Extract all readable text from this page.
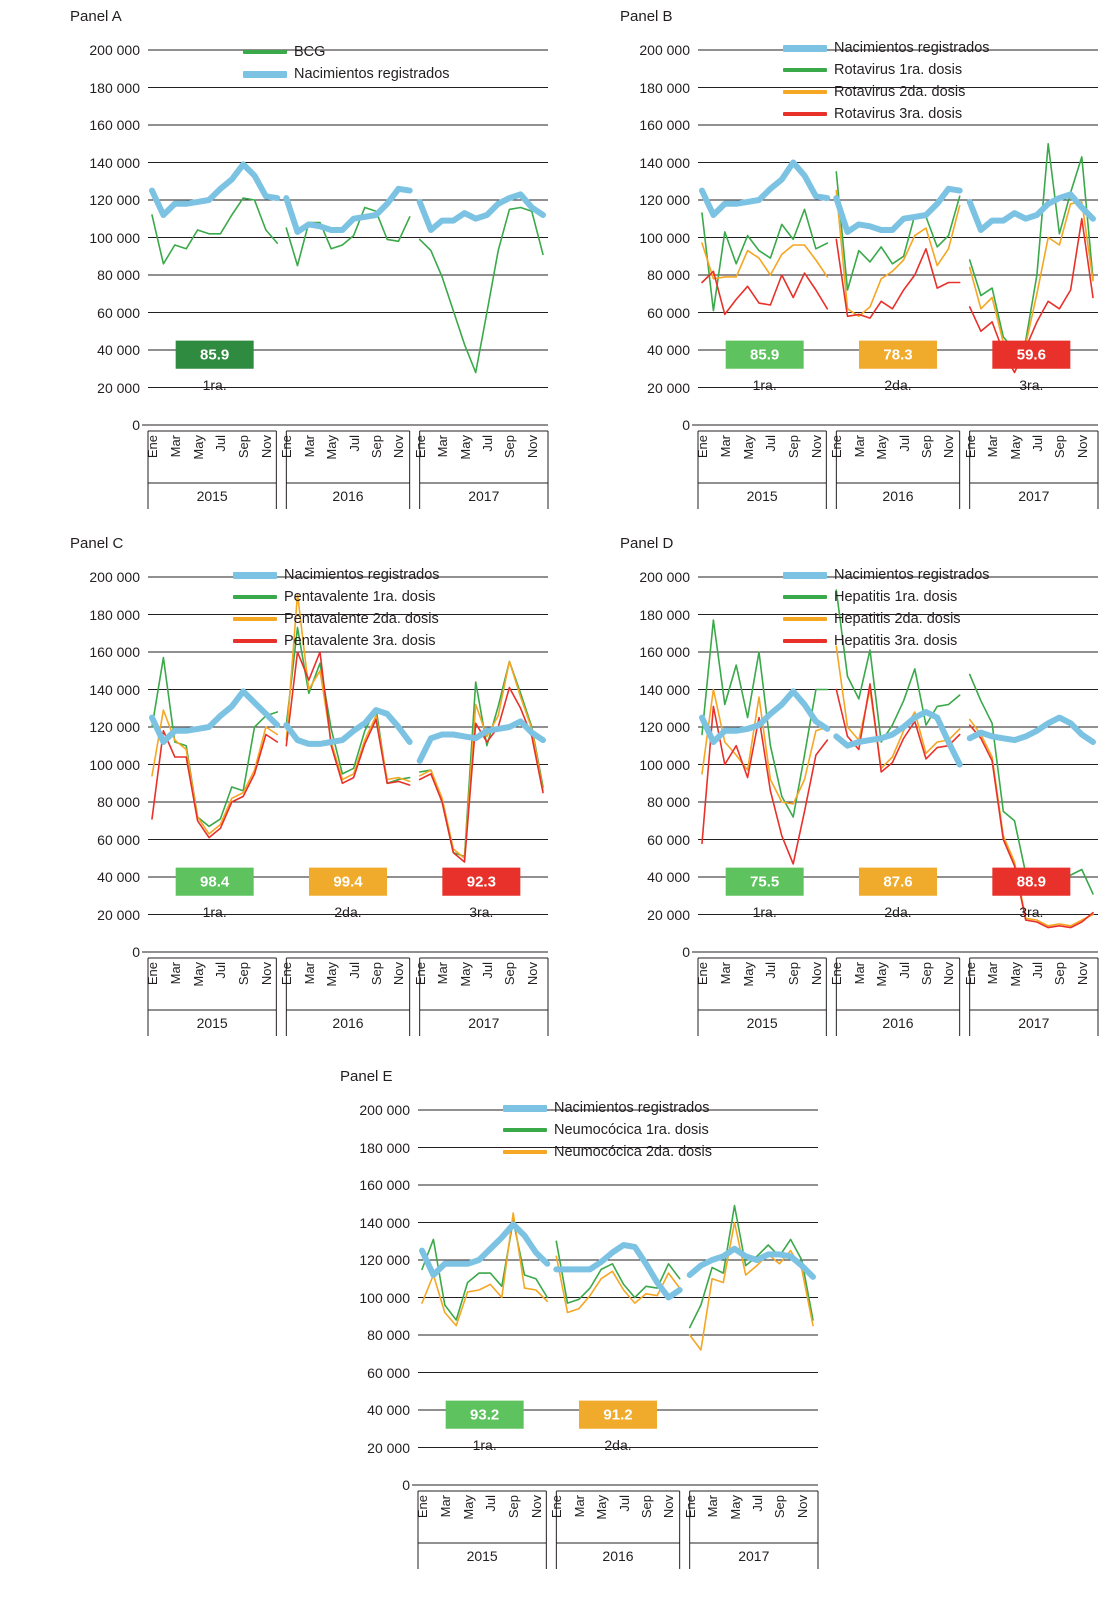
Panel A
0
20 000
40 000
60 000
80 000
100 000
120 000
140 000
160 000
180 000
200 000
85.9
1ra.
Ene Mar May Jul Sep Nov
2015
Ene Mar May Jul Sep Nov
2016
Ene Mar May Jul Sep Nov
2017
BCG
Nacimientos registrados
Panel B
0
20 000
40 000
60 000
80 000
100 000
120 000
140 000
160 000
180 000
200 000
85.9
1ra.
78.3
2da.
59.6
3ra.
Ene Mar May Jul Sep Nov
2015
Ene Mar May Jul Sep Nov
2016
Ene Mar May Jul Sep Nov
2017
Nacimientos registrados
Rotavirus 1ra. dosis
Rotavirus 2da. dosis
Rotavirus 3ra. dosis
Panel C
0
20 000
40 000
60 000
80 000
100 000
120 000
140 000
160 000
180 000
200 000
98.4
1ra.
99.4
2da.
92.3
3ra.
Ene Mar May Jul Sep Nov
2015
Ene Mar May Jul Sep Nov
2016
Ene Mar May Jul Sep Nov
2017
Nacimientos registrados
Pentavalente 1ra. dosis
Pentavalente 2da. dosis
Pentavalente 3ra. dosis
Panel D
0
20 000
40 000
60 000
80 000
100 000
120 000
140 000
160 000
180 000
200 000
75.5
1ra.
87.6
2da.
88.9
3ra.
Ene Mar May Jul Sep Nov
2015
Ene Mar May Jul Sep Nov
2016
Ene Mar May Jul Sep Nov
2017
Nacimientos registrados
Hepatitis 1ra. dosis
Hepatitis 2da. dosis
Hepatitis 3ra. dosis
Panel E
0
20 000
40 000
60 000
80 000
100 000
120 000
140 000
160 000
180 000
200 000
93.2
1ra.
91.2
2da.
Ene Mar May Jul Sep Nov
2015
Ene Mar May Jul Sep Nov
2016
Ene Mar May Jul Sep Nov
2017
Nacimientos registrados
Neumocócica 1ra. dosis
Neumocócica 2da. dosis
